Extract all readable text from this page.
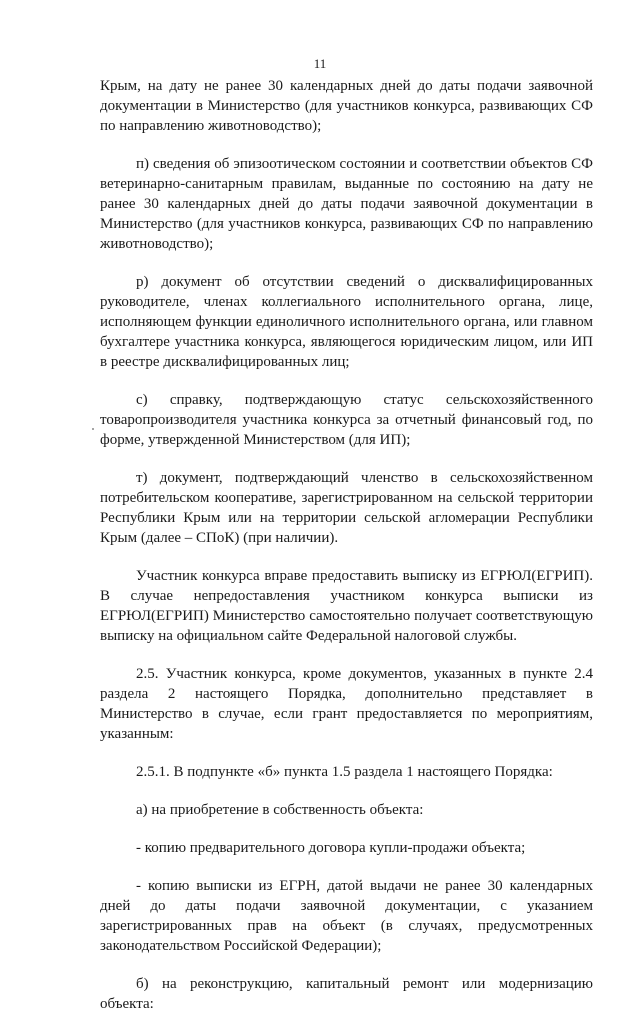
11

Крым, на дату не ранее 30 календарных дней до даты подачи заявочной документации в Министерство (для участников конкурса, развивающих СФ по направлению животноводство);

п) сведения об эпизоотическом состоянии и соответствии объектов СФ ветеринарно-санитарным правилам, выданные по состоянию на дату не ранее 30 календарных дней до даты подачи заявочной документации в Министерство (для участников конкурса, развивающих СФ по направлению животноводство);

р) документ об отсутствии сведений о дисквалифицированных руководителе, членах коллегиального исполнительного органа, лице, исполняющем функции единоличного исполнительного органа, или главном бухгалтере участника конкурса, являющегося юридическим лицом, или ИП в реестре дисквалифицированных лиц;

с) справку, подтверждающую статус сельскохозяйственного товаропроизводителя участника конкурса за отчетный финансовый год, по форме, утвержденной Министерством (для ИП);

т) документ, подтверждающий членство в сельскохозяйственном потребительском кооперативе, зарегистрированном на сельской территории Республики Крым или на территории сельской агломерации Республики Крым (далее – СПоК) (при наличии).

Участник конкурса вправе предоставить выписку из ЕГРЮЛ(ЕГРИП). В случае непредоставления участником конкурса выписки из ЕГРЮЛ(ЕГРИП) Министерство самостоятельно получает соответствующую выписку на официальном сайте Федеральной налоговой службы.

2.5. Участник конкурса, кроме документов, указанных в пункте 2.4 раздела 2 настоящего Порядка, дополнительно представляет в Министерство в случае, если грант предоставляется по мероприятиям, указанным:

2.5.1. В подпункте «б» пункта 1.5 раздела 1 настоящего Порядка:

а) на приобретение в собственность объекта:

- копию предварительного договора купли-продажи объекта;

- копию выписки из ЕГРН, датой выдачи не ранее 30 календарных дней до даты подачи заявочной документации, с указанием зарегистрированных прав на объект (в случаях, предусмотренных законодательством Российской Федерации);

б) на реконструкцию, капитальный ремонт или модернизацию объекта:
